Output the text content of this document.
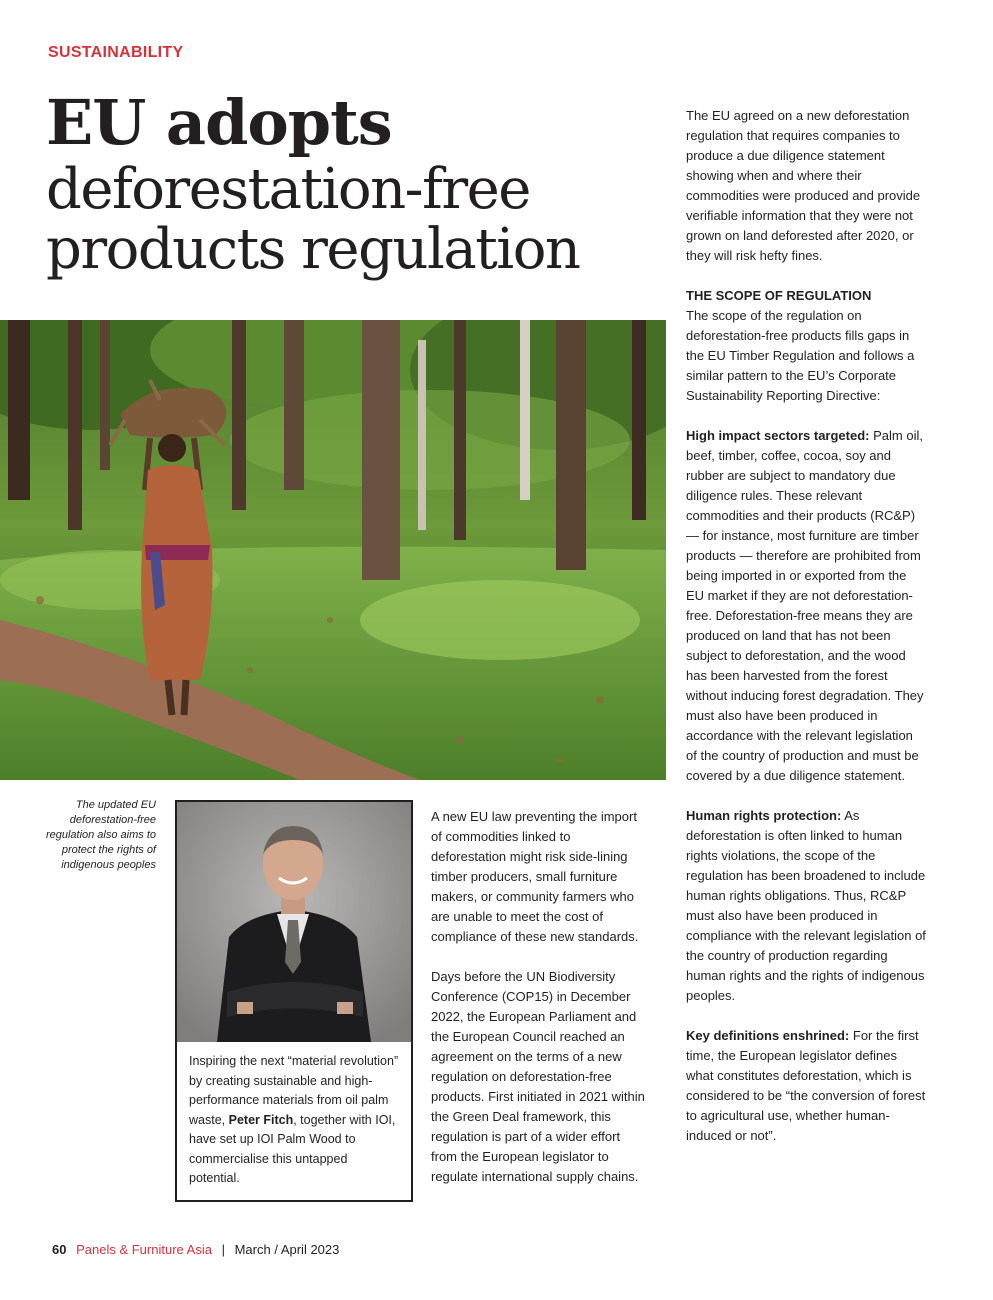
SUSTAINABILITY
EU adopts
deforestation-free
products regulation

The EU agreed on a new deforestation regulation that requires companies to produce a due diligence statement showing when and where their commodities were produced and provide verifiable information that they were not grown on land deforested after 2020, or they will risk hefty fines.

THE SCOPE OF REGULATION
The scope of the regulation on deforestation-free products fills gaps in the EU Timber Regulation and follows a similar pattern to the EU’s Corporate Sustainability Reporting Directive:

High impact sectors targeted: Palm oil, beef, timber, coffee, cocoa, soy and rubber are subject to mandatory due diligence rules. These relevant commodities and their products (RC&P) — for instance, most furniture are timber products — therefore are prohibited from being imported in or exported from the EU market if they are not deforestation-free. Deforestation-free means they are produced on land that has not been subject to deforestation, and the wood has been harvested from the forest without inducing forest degradation. They must also have been produced in accordance with the relevant legislation of the country of production and must be covered by a due diligence statement.

Human rights protection: As deforestation is often linked to human rights violations, the scope of the regulation has been broadened to include human rights obligations. Thus, RC&P must also have been produced in compliance with the relevant legislation of the country of production regarding human rights and the rights of indigenous peoples.

Key definitions enshrined: For the first time, the European legislator defines what constitutes deforestation, which is considered to be “the conversion of forest to agricultural use, whether human-induced or not”.

The updated EU deforestation-free regulation also aims to protect the rights of indigenous peoples
Inspiring the next “material revolution” by creating sustainable and high-performance materials from oil palm waste, Peter Fitch, together with IOI, have set up IOI Palm Wood to commercialise this untapped potential.

A new EU law preventing the import of commodities linked to deforestation might risk side-lining timber producers, small furniture makers, or community farmers who are unable to meet the cost of compliance of these new standards.

Days before the UN Biodiversity Conference (COP15) in December 2022, the European Parliament and the European Council reached an agreement on the terms of a new regulation on deforestation-free products. First initiated in 2021 within the Green Deal framework, this regulation is part of a wider effort from the European legislator to regulate international supply chains.

60 Panels & Furniture Asia | March / April 2023
